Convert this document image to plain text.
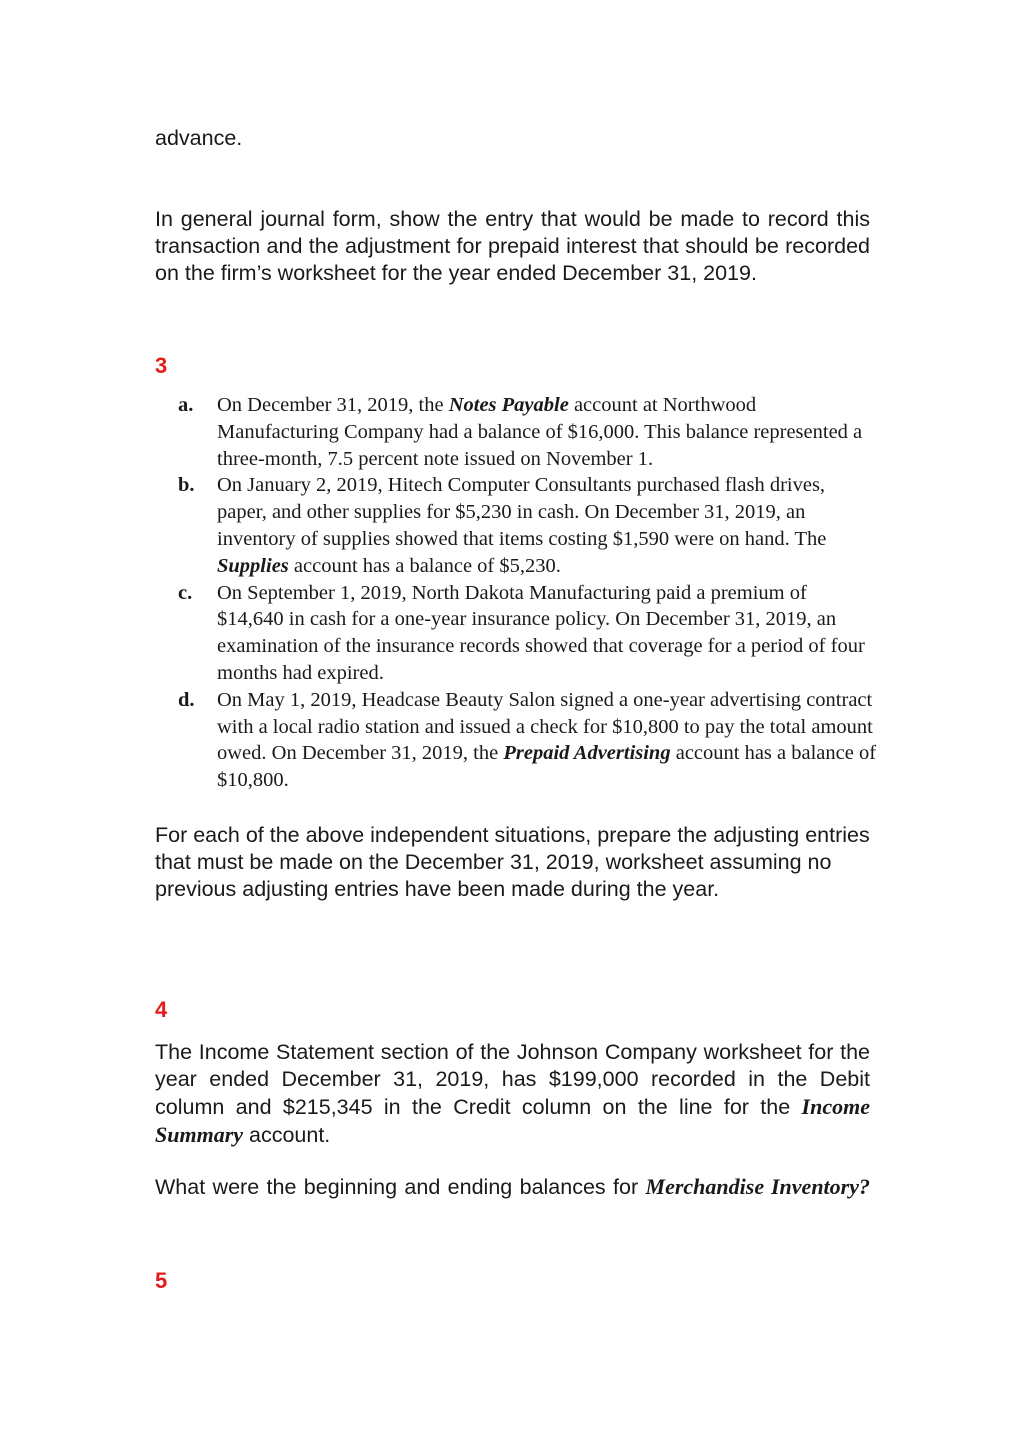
advance.

In general journal form, show the entry that would be made to record this transaction and the adjustment for prepaid interest that should be recorded on the firm’s worksheet for the year ended December 31, 2019.

3

a.	On December 31, 2019, the Notes Payable account at Northwood Manufacturing Company had a balance of $16,000. This balance represented a three-month, 7.5 percent note issued on November 1.
b.	On January 2, 2019, Hitech Computer Consultants purchased flash drives, paper, and other supplies for $5,230 in cash. On December 31, 2019, an inventory of supplies showed that items costing $1,590 were on hand. The Supplies account has a balance of $5,230.
c.	On September 1, 2019, North Dakota Manufacturing paid a premium of $14,640 in cash for a one-year insurance policy. On December 31, 2019, an examination of the insurance records showed that coverage for a period of four months had expired.
d.	On May 1, 2019, Headcase Beauty Salon signed a one-year advertising contract with a local radio station and issued a check for $10,800 to pay the total amount owed. On December 31, 2019, the Prepaid Advertising account has a balance of $10,800.

For each of the above independent situations, prepare the adjusting entries that must be made on the December 31, 2019, worksheet assuming no previous adjusting entries have been made during the year.

4

The Income Statement section of the Johnson Company worksheet for the year ended December 31, 2019, has $199,000 recorded in the Debit column and $215,345 in the Credit column on the line for the Income Summary account.

What were the beginning and ending balances for Merchandise Inventory?

5
